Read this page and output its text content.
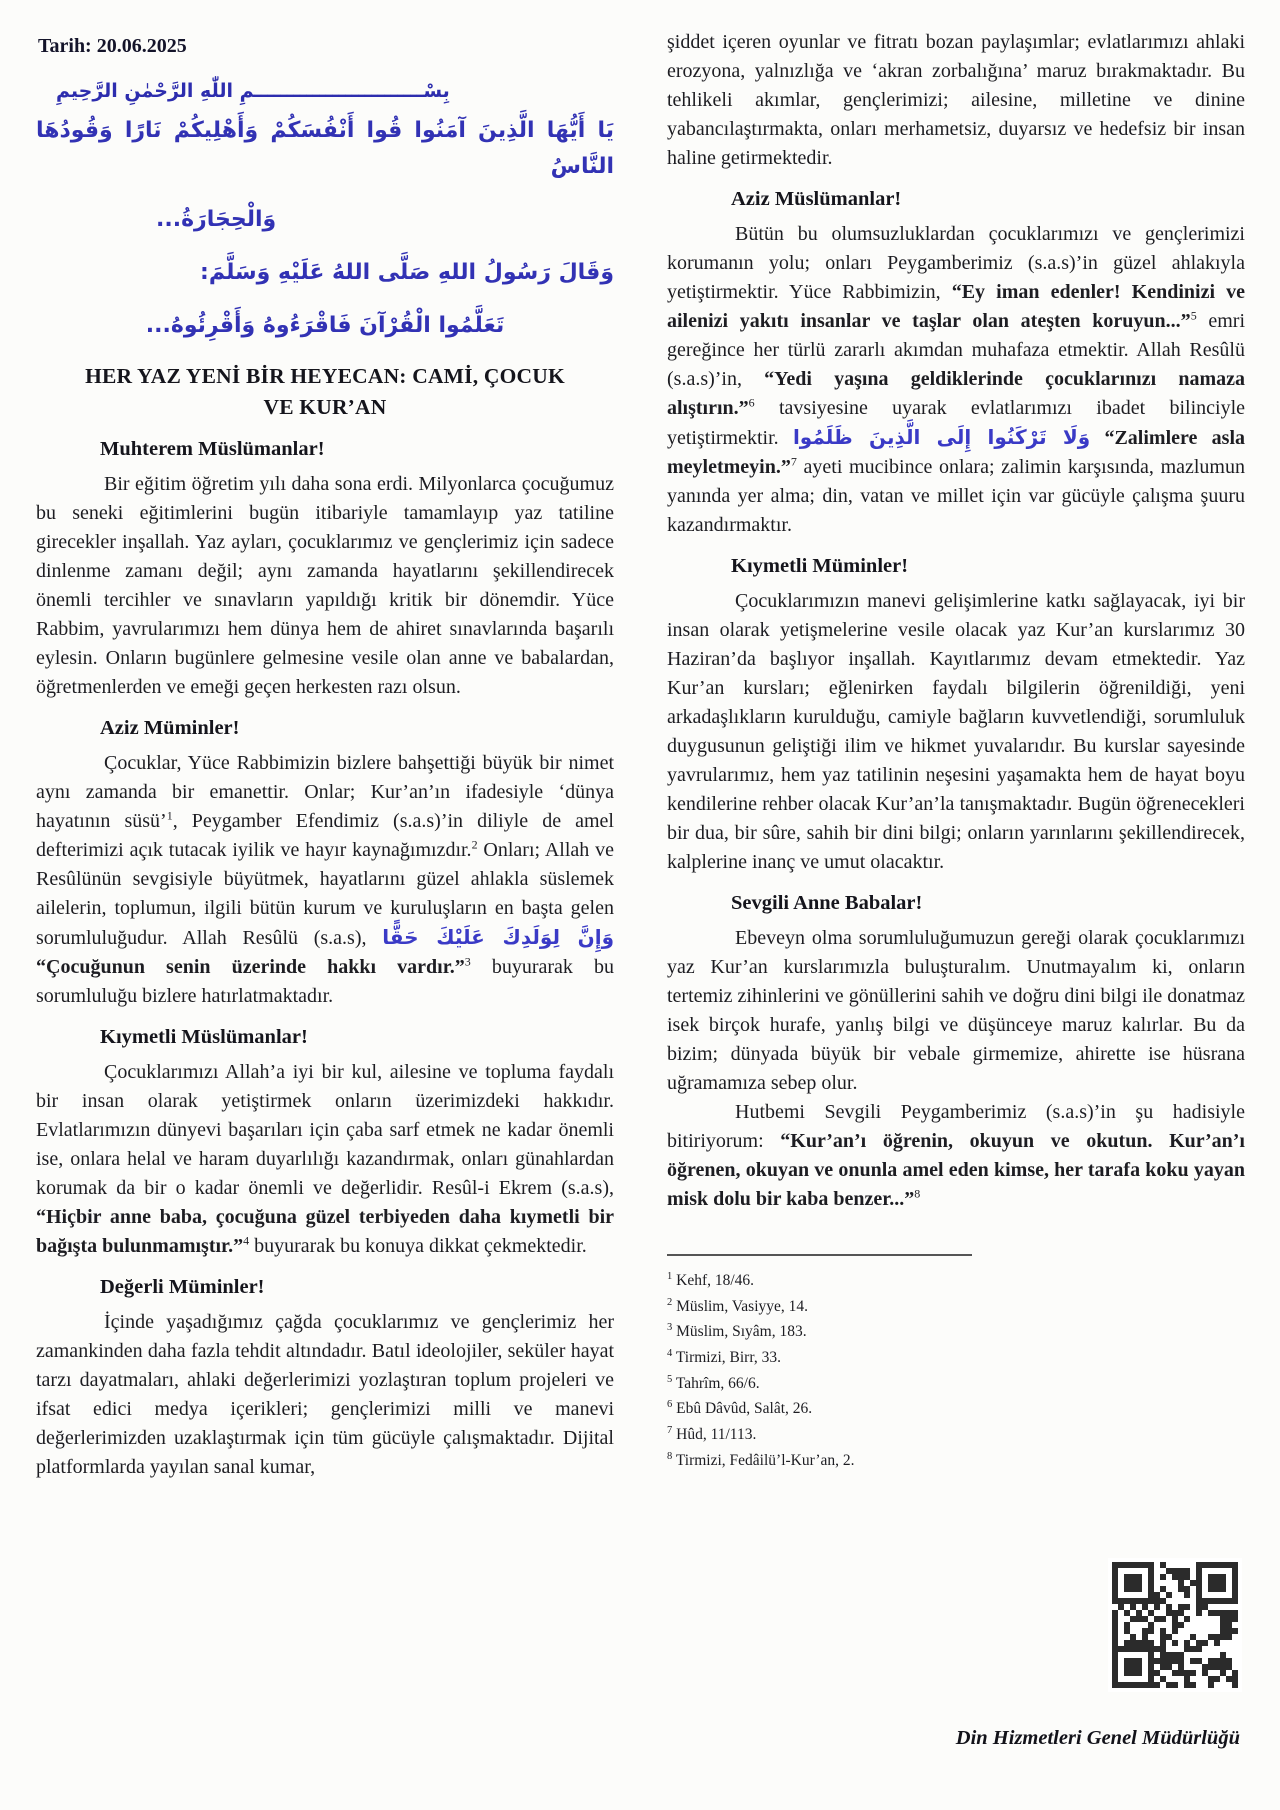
Tarih: 20.06.2025
بِسْــــــــــــــــــــــــــمِ اللّٰهِ الرَّحْمٰنِ الرَّحِيمِ
يَا أَيُّهَا الَّذِينَ آمَنُوا قُوا أَنْفُسَكُمْ وَأَهْلِيكُمْ نَارًا وَقُودُهَا النَّاسُ
وَالْحِجَارَةُ...
وَقَالَ رَسُولُ اللهِ صَلَّى اللهُ عَلَيْهِ وَسَلَّمَ:
تَعَلَّمُوا الْقُرْآنَ فَاقْرَءُوهُ وَأَقْرِئُوهُ...
HER YAZ YENİ BİR HEYECAN: CAMİ, ÇOCUK
VE KUR’AN
Muhterem Müslümanlar!

Bir eğitim öğretim yılı daha sona erdi. Milyonlarca çocuğumuz bu seneki eğitimlerini bugün itibariyle tamamlayıp yaz tatiline girecekler inşallah. Yaz ayları, çocuklarımız ve gençlerimiz için sadece dinlenme zamanı değil; aynı zamanda hayatlarını şekillendirecek önemli tercihler ve sınavların yapıldığı kritik bir dönemdir. Yüce Rabbim, yavrularımızı hem dünya hem de ahiret sınavlarında başarılı eylesin. Onların bugünlere gelmesine vesile olan anne ve babalardan, öğretmenlerden ve emeği geçen herkesten razı olsun.

Aziz Müminler!

Çocuklar, Yüce Rabbimizin bizlere bahşettiği büyük bir nimet aynı zamanda bir emanettir. Onlar; Kur’an’ın ifadesiyle ‘dünya hayatının süsü’$^1$, Peygamber Efendimiz (s.a.s)’in diliyle de amel defterimizi açık tutacak iyilik ve hayır kaynağımızdır.$^2$ Onları; Allah ve Resûlünün sevgisiyle büyütmek, hayatlarını güzel ahlakla süslemek ailelerin, toplumun, ilgili bütün kurum ve kuruluşların en başta gelen sorumluluğudur. Allah Resûlü (s.a.s), وَإِنَّ لِوَلَدِكَ عَلَيْكَ حَقًّا “Çocuğunun senin üzerinde hakkı vardır.”$^3$ buyurarak bu sorumluluğu bizlere hatırlatmaktadır.

Kıymetli Müslümanlar!

Çocuklarımızı Allah’a iyi bir kul, ailesine ve topluma faydalı bir insan olarak yetiştirmek onların üzerimizdeki hakkıdır. Evlatlarımızın dünyevi başarıları için çaba sarf etmek ne kadar önemli ise, onlara helal ve haram duyarlılığı kazandırmak, onları günahlardan korumak da bir o kadar önemli ve değerlidir. Resûl-i Ekrem (s.a.s), “Hiçbir anne baba, çocuğuna güzel terbiyeden daha kıymetli bir bağışta bulunmamıştır.”$^4$ buyurarak bu konuya dikkat çekmektedir.

Değerli Müminler!

İçinde yaşadığımız çağda çocuklarımız ve gençlerimiz her zamankinden daha fazla tehdit altındadır. Batıl ideolojiler, seküler hayat tarzı dayatmaları, ahlaki değerlerimizi yozlaştıran toplum projeleri ve ifsat edici medya içerikleri; gençlerimizi milli ve manevi değerlerimizden uzaklaştırmak için tüm gücüyle çalışmaktadır. Dijital platformlarda yayılan sanal kumar,

şiddet içeren oyunlar ve fitratı bozan paylaşımlar; evlatlarımızı ahlaki erozyona, yalnızlığa ve ‘akran zorbalığına’ maruz bırakmaktadır. Bu tehlikeli akımlar, gençlerimizi; ailesine, milletine ve dinine yabancılaştırmakta, onları merhametsiz, duyarsız ve hedefsiz bir insan haline getirmektedir.

Aziz Müslümanlar!

Bütün bu olumsuzluklardan çocuklarımızı ve gençlerimizi korumanın yolu; onları Peygamberimiz (s.a.s)’in güzel ahlakıyla yetiştirmektir. Yüce Rabbimizin, “Ey iman edenler! Kendinizi ve ailenizi yakıtı insanlar ve taşlar olan ateşten koruyun...”$^5$ emri gereğince her türlü zararlı akımdan muhafaza etmektir. Allah Resûlü (s.a.s)’in, “Yedi yaşına geldiklerinde çocuklarınızı namaza alıştırın.”$^6$ tavsiyesine uyarak evlatlarımızı ibadet bilinciyle yetiştirmektir. وَلَا تَرْكَنُوا إِلَى الَّذِينَ ظَلَمُوا “Zalimlere asla meyletmeyin.”$^7$ ayeti mucibince onlara; zalimin karşısında, mazlumun yanında yer alma; din, vatan ve millet için var gücüyle çalışma şuuru kazandırmaktır.

Kıymetli Müminler!

Çocuklarımızın manevi gelişimlerine katkı sağlayacak, iyi bir insan olarak yetişmelerine vesile olacak yaz Kur’an kurslarımız 30 Haziran’da başlıyor inşallah. Kayıtlarımız devam etmektedir. Yaz Kur’an kursları; eğlenirken faydalı bilgilerin öğrenildiği, yeni arkadaşlıkların kurulduğu, camiyle bağların kuvvetlendiği, sorumluluk duygusunun geliştiği ilim ve hikmet yuvalarıdır. Bu kurslar sayesinde yavrularımız, hem yaz tatilinin neşesini yaşamakta hem de hayat boyu kendilerine rehber olacak Kur’an’la tanışmaktadır. Bugün öğrenecekleri bir dua, bir sûre, sahih bir dini bilgi; onların yarınlarını şekillendirecek, kalplerine inanç ve umut olacaktır.

Sevgili Anne Babalar!

Ebeveyn olma sorumluluğumuzun gereği olarak çocuklarımızı yaz Kur’an kurslarımızla buluşturalım. Unutmayalım ki, onların tertemiz zihinlerini ve gönüllerini sahih ve doğru dini bilgi ile donatmaz isek birçok hurafe, yanlış bilgi ve düşünceye maruz kalırlar. Bu da bizim; dünyada büyük bir vebale girmemize, ahirette ise hüsrana uğramamıza sebep olur.

Hutbemi Sevgili Peygamberimiz (s.a.s)’in şu hadisiyle bitiriyorum: “Kur’an’ı öğrenin, okuyun ve okutun. Kur’an’ı öğrenen, okuyan ve onunla amel eden kimse, her tarafa koku yayan misk dolu bir kaba benzer...”$^8$

$^1$ Kehf, 18/46.
$^2$ Müslim, Vasiyye, 14.
$^3$ Müslim, Sıyâm, 183.
$^4$ Tirmizi, Birr, 33.
$^5$ Tahrîm, 66/6.
$^6$ Ebû Dâvûd, Salât, 26.
$^7$ Hûd, 11/113.
$^8$ Tirmizi, Fedâilü’l-Kur’an, 2.
Din Hizmetleri Genel Müdürlüğü
